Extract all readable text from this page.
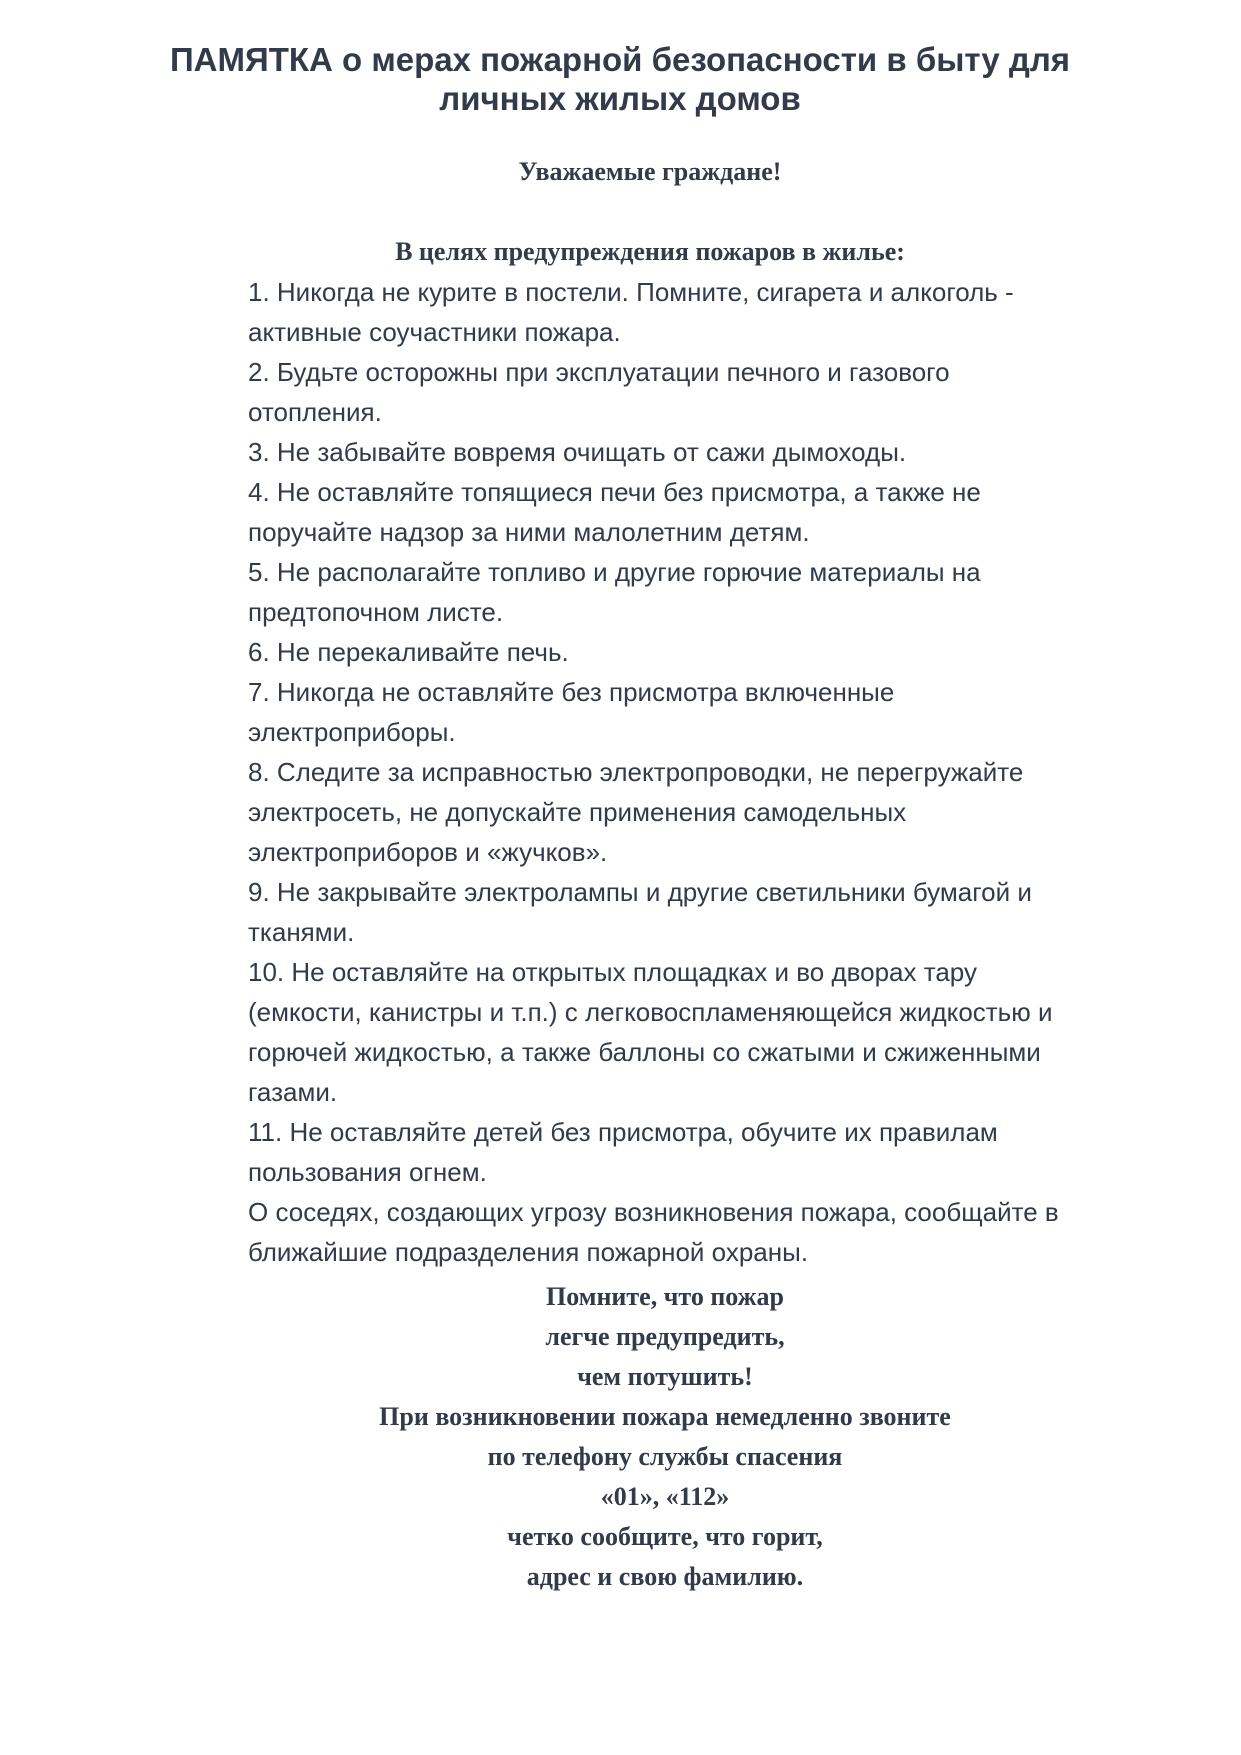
ПАМЯТКА о мерах пожарной безопасности в быту для личных жилых домов

Уважаемые граждане!

В целях предупреждения пожаров в жилье:

1. Никогда не курите в постели. Помните, сигарета и алкоголь - активные соучастники пожара.
2. Будьте осторожны при эксплуатации печного и газового отопления.
3. Не забывайте вовремя очищать от сажи дымоходы.
4. Не оставляйте топящиеся печи без присмотра, а также не поручайте надзор за ними малолетним детям.
5. Не располагайте топливо и другие горючие материалы на предтопочном листе.
6. Не перекаливайте печь.
7. Никогда не оставляйте без присмотра включенные электроприборы.
8. Следите за исправностью электропроводки, не перегружайте электросеть, не допускайте применения самодельных электроприборов и «жучков».
9. Не закрывайте электролампы и другие светильники бумагой и тканями.
10. Не оставляйте на открытых площадках и во дворах тару (емкости, канистры и т.п.) с легковоспламеняющейся жидкостью и горючей жидкостью, а также баллоны со сжатыми и сжиженными газами.
11. Не оставляйте детей без присмотра, обучите их правилам пользования огнем.

О соседях, создающих угрозу возникновения пожара, сообщайте в ближайшие подразделения пожарной охраны.

Помните, что пожар
легче предупредить,
чем потушить!
При возникновении пожара немедленно звоните
по телефону службы спасения
«01», «112»
четко сообщите, что горит,
адрес и свою фамилию.
